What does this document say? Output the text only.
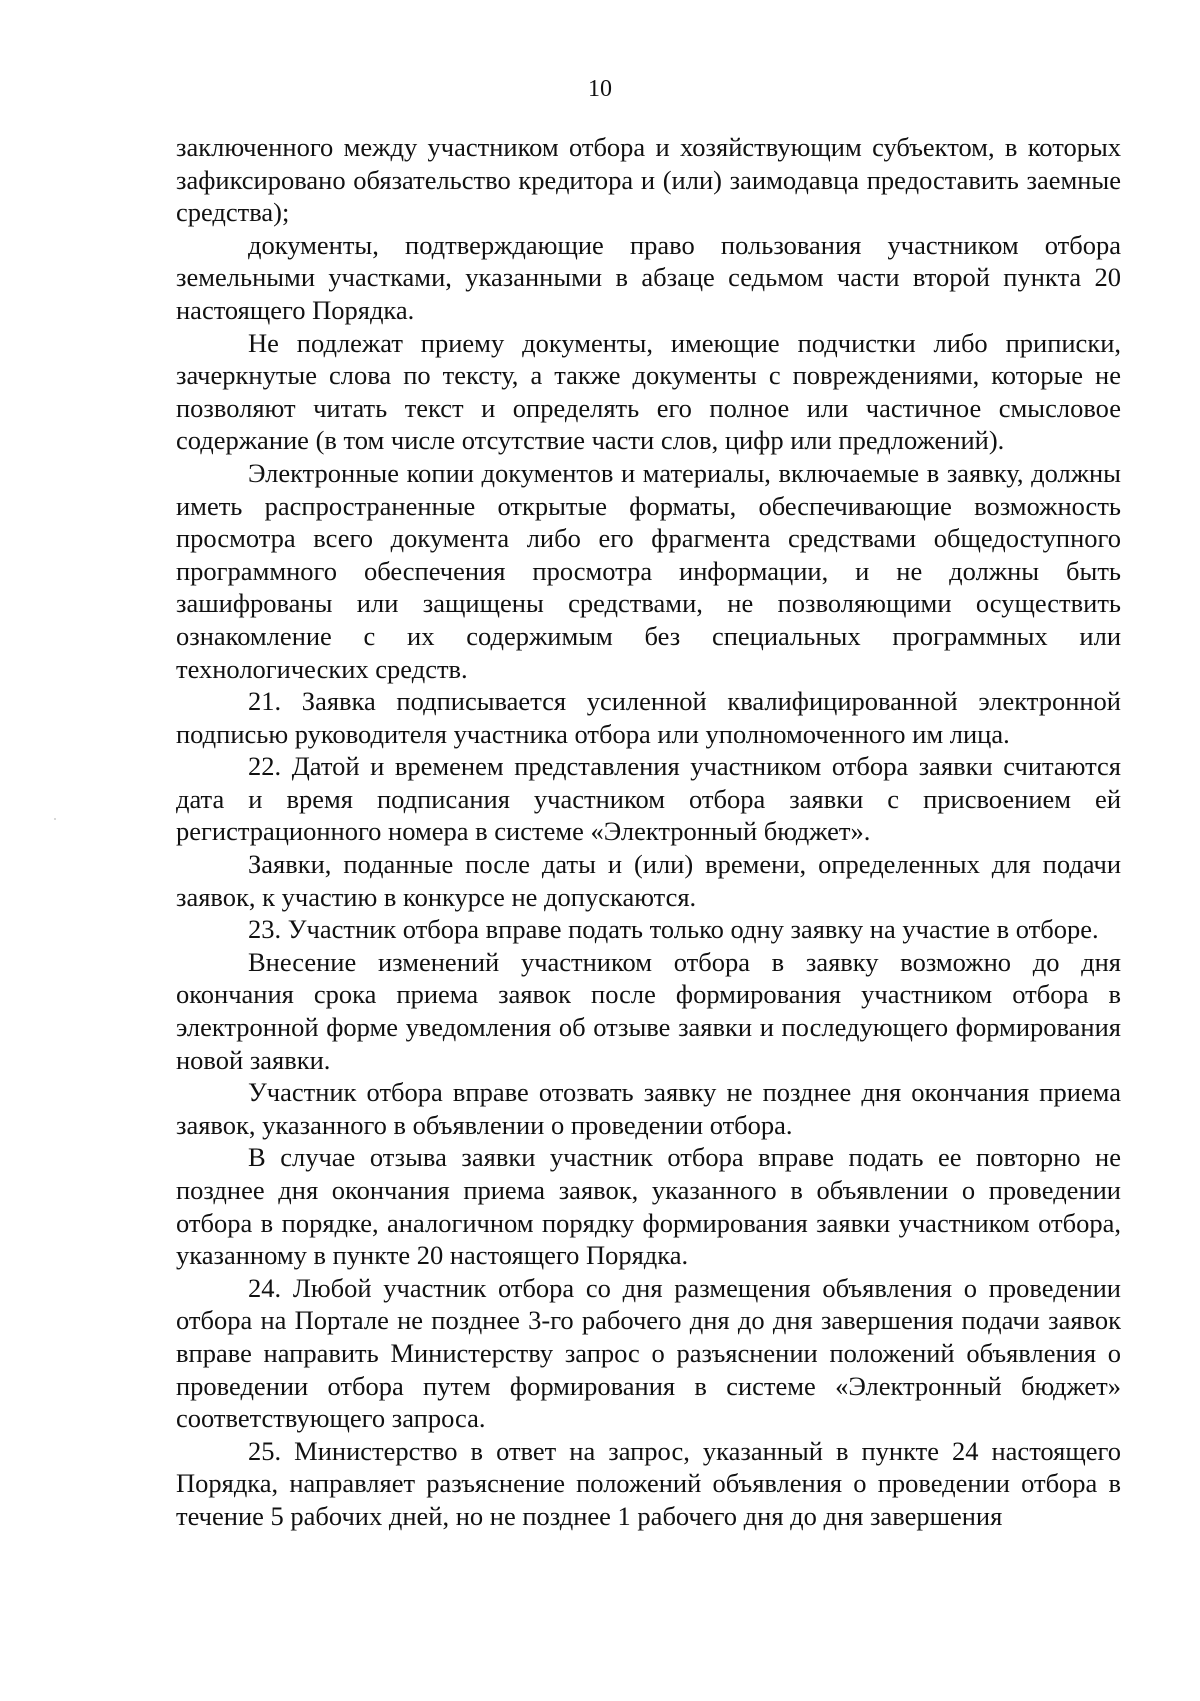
10

заключенного между участником отбора и хозяйствующим субъектом, в которых зафиксировано обязательство кредитора и (или) заимодавца предоставить заемные средства);

документы, подтверждающие право пользования участником отбора земельными участками, указанными в абзаце седьмом части второй пункта 20 настоящего Порядка.

Не подлежат приему документы, имеющие подчистки либо приписки, зачеркнутые слова по тексту, а также документы с повреждениями, которые не позволяют читать текст и определять его полное или частичное смысловое содержание (в том числе отсутствие части слов, цифр или предложений).

Электронные копии документов и материалы, включаемые в заявку, должны иметь распространенные открытые форматы, обеспечивающие возможность просмотра всего документа либо его фрагмента средствами общедоступного программного обеспечения просмотра информации, и не должны быть зашифрованы или защищены средствами, не позволяющими осуществить ознакомление с их содержимым без специальных программных или технологических средств.

21. Заявка подписывается усиленной квалифицированной электронной подписью руководителя участника отбора или уполномоченного им лица.

22. Датой и временем представления участником отбора заявки считаются дата и время подписания участником отбора заявки с присвоением ей регистрационного номера в системе «Электронный бюджет».

Заявки, поданные после даты и (или) времени, определенных для подачи заявок, к участию в конкурсе не допускаются.

23. Участник отбора вправе подать только одну заявку на участие в отборе.

Внесение изменений участником отбора в заявку возможно до дня окончания срока приема заявок после формирования участником отбора в электронной форме уведомления об отзыве заявки и последующего формирования новой заявки.

Участник отбора вправе отозвать заявку не позднее дня окончания приема заявок, указанного в объявлении о проведении отбора.

В случае отзыва заявки участник отбора вправе подать ее повторно не позднее дня окончания приема заявок, указанного в объявлении о проведении отбора в порядке, аналогичном порядку формирования заявки участником отбора, указанному в пункте 20 настоящего Порядка.

24. Любой участник отбора со дня размещения объявления о проведении отбора на Портале не позднее 3-го рабочего дня до дня завершения подачи заявок вправе направить Министерству запрос о разъяснении положений объявления о проведении отбора путем формирования в системе «Электронный бюджет» соответствующего запроса.

25. Министерство в ответ на запрос, указанный в пункте 24 настоящего Порядка, направляет разъяснение положений объявления о проведении отбора в течение 5 рабочих дней, но не позднее 1 рабочего дня до дня завершения
